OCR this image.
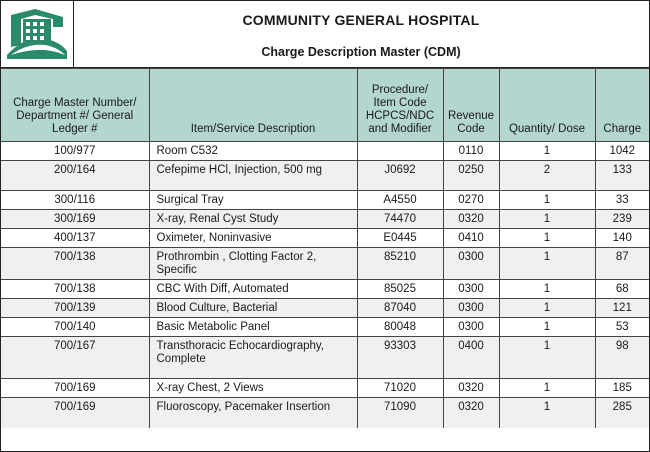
COMMUNITY GENERAL HOSPITAL
Charge Description Master (CDM)
Charge Master Number/ Department #/ General Ledger #	Item/Service Description	Procedure/ Item Code HCPCS/NDC and Modifier	Revenue Code	Quantity/ Dose	Charge
100/977	Room C532		0110	1	1042
200/164	Cefepime HCl, Injection, 500 mg	J0692	0250	2	133
300/116	Surgical Tray	A4550	0270	1	33
300/169	X-ray, Renal Cyst Study	74470	0320	1	239
400/137	Oximeter, Noninvasive	E0445	0410	1	140
700/138	Prothrombin , Clotting Factor 2, Specific	85210	0300	1	87
700/138	CBC With Diff, Automated	85025	0300	1	68
700/139	Blood Culture, Bacterial	87040	0300	1	121
700/140	Basic Metabolic Panel	80048	0300	1	53
700/167	Transthoracic Echocardiography, Complete	93303	0400	1	98
700/169	X-ray Chest, 2 Views	71020	0320	1	185
700/169	Fluoroscopy, Pacemaker Insertion	71090	0320	1	285
